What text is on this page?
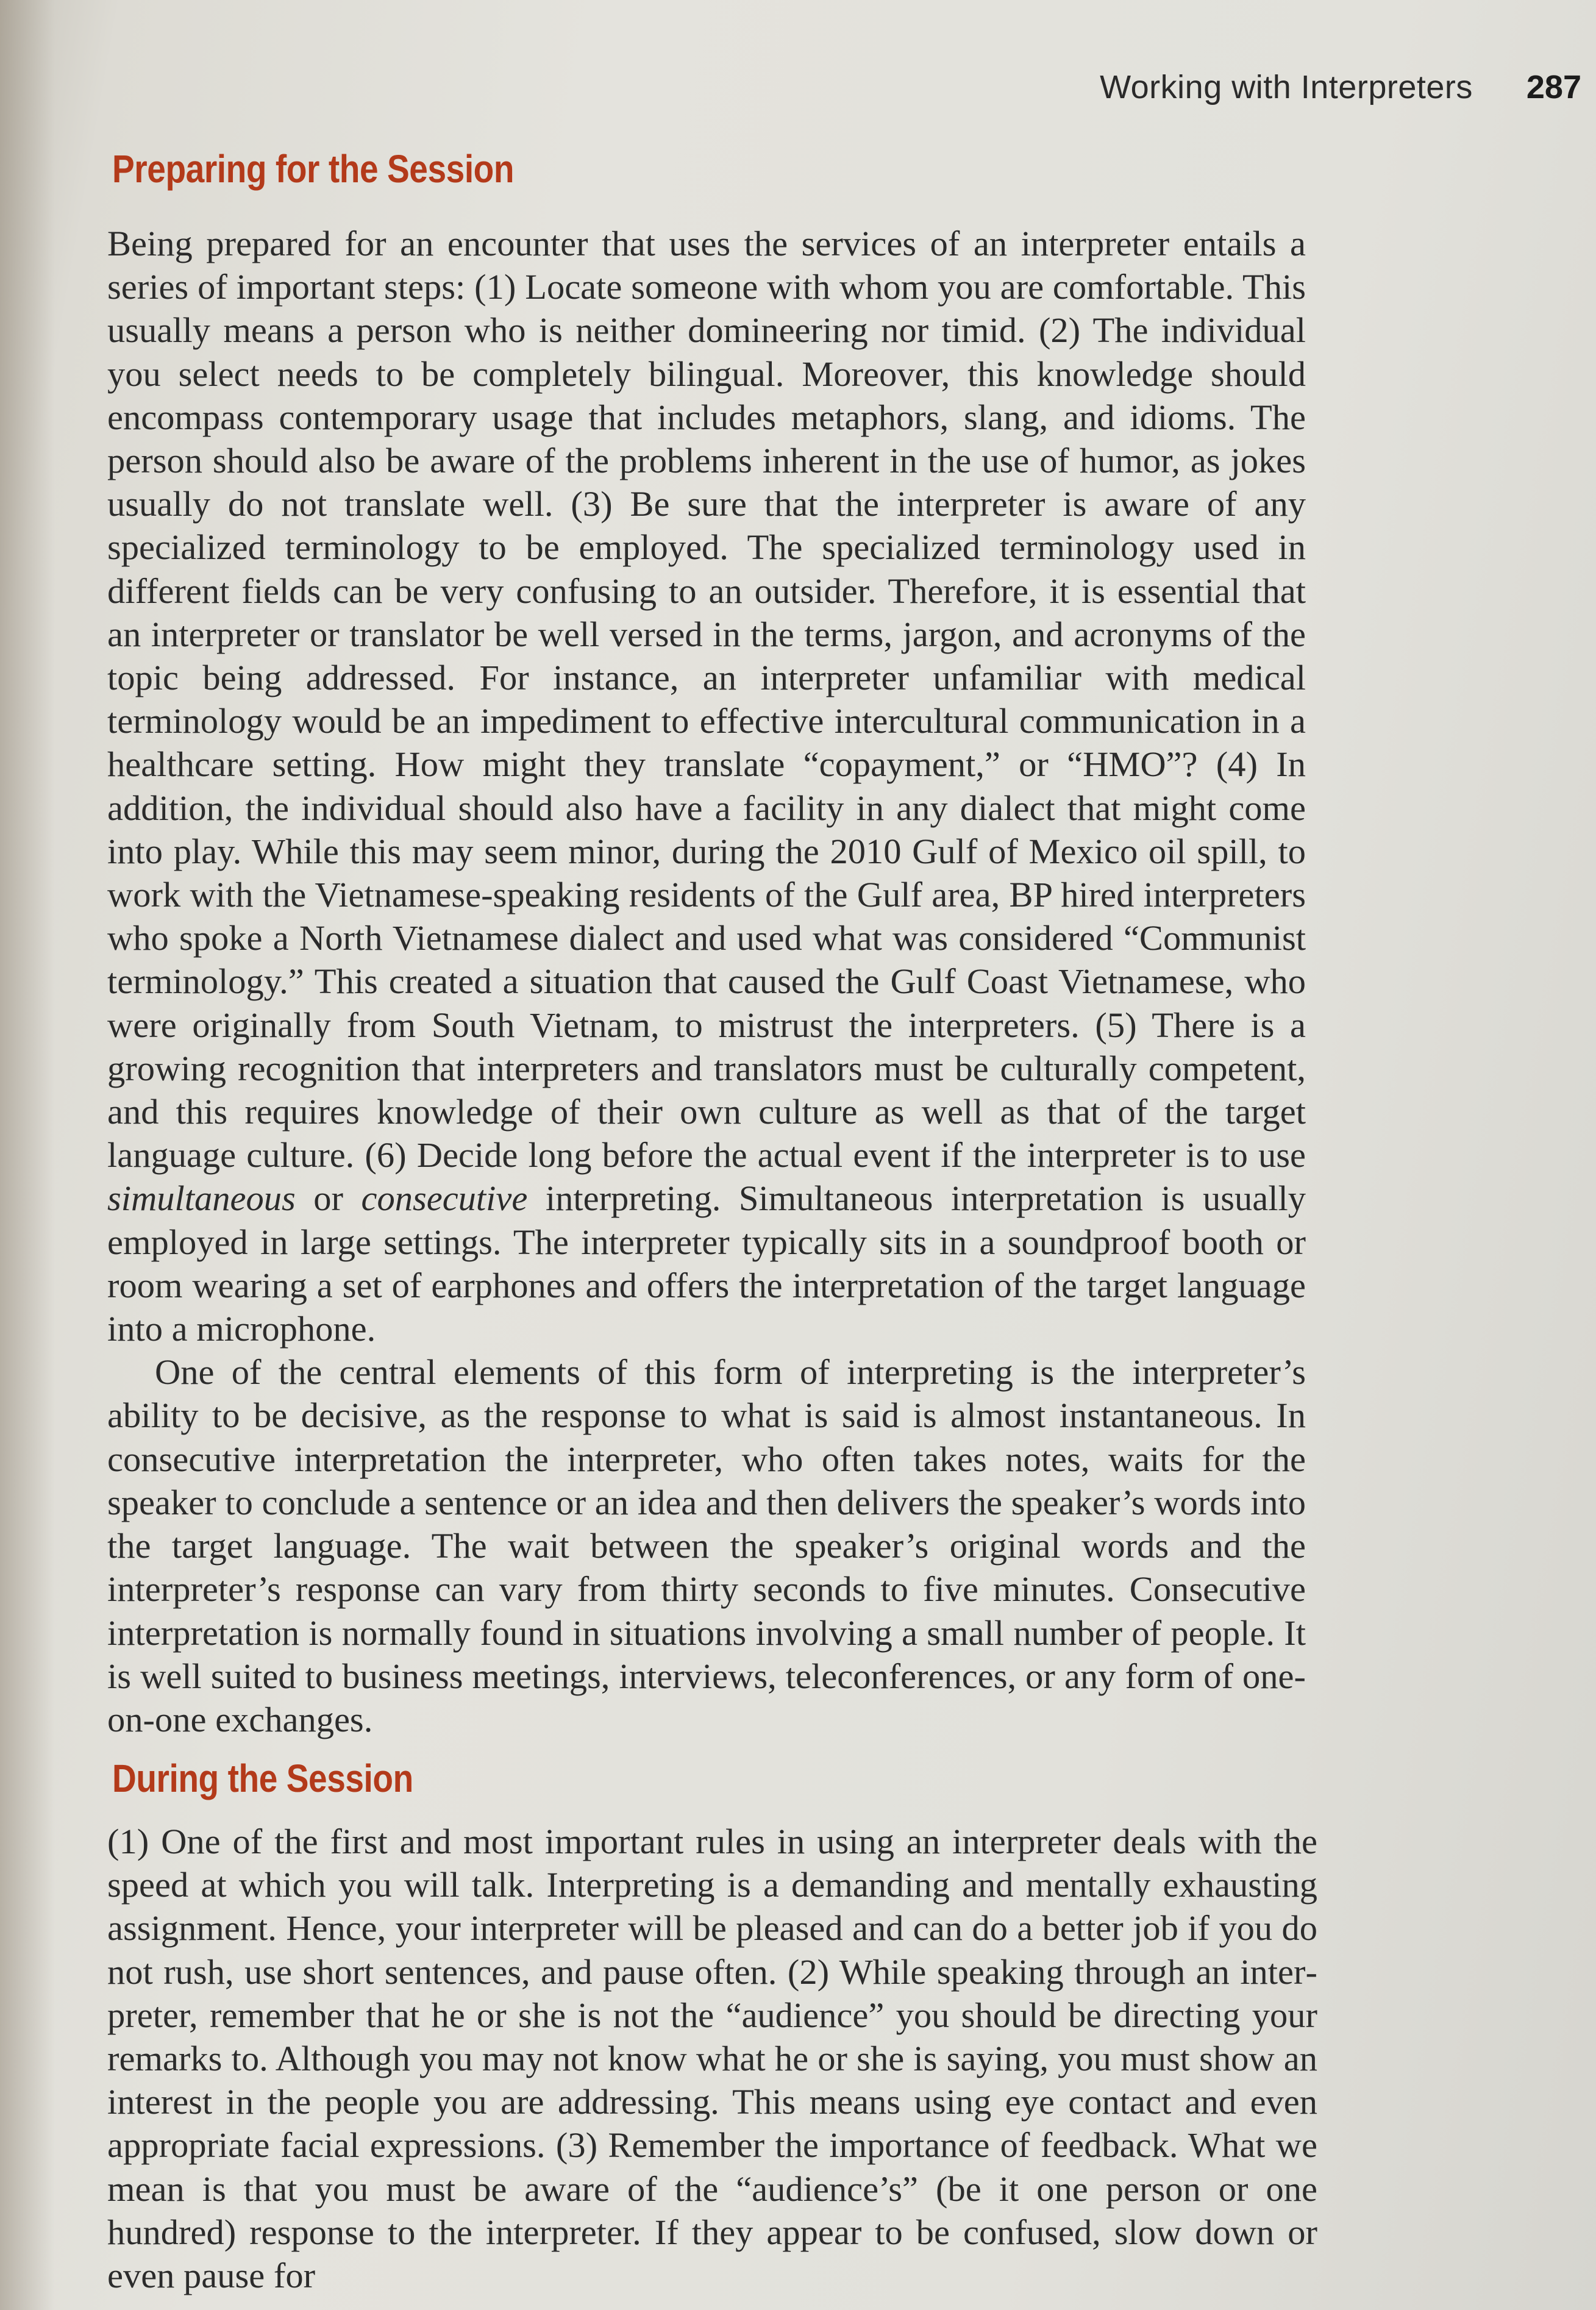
Working with Interpreters 287
Preparing for the Session

Being prepared for an encounter that uses the services of an interpreter entails a series of important steps: (1) Locate someone with whom you are comfortable. This usually means a person who is neither domineering nor timid. (2) The individual you select needs to be completely bilingual. Moreover, this knowledge should encompass contemporary usage that includes metaphors, slang, and idioms. The person should also be aware of the problems inherent in the use of humor, as jokes usually do not translate well. (3) Be sure that the interpreter is aware of any specialized terminology to be employed. The specialized terminology used in different fields can be very confusing to an outsider. Therefore, it is essential that an interpreter or translator be well versed in the terms, jargon, and acronyms of the topic being addressed. For instance, an interpreter unfamiliar with medical terminology would be an impediment to effective intercultural communication in a healthcare setting. How might they translate “copayment,” or “HMO”? (4) In addition, the individual should also have a facility in any dialect that might come into play. While this may seem minor, during the 2010 Gulf of Mexico oil spill, to work with the Vietnamese-speaking residents of the Gulf area, BP hired interpreters who spoke a North Vietnamese dialect and used what was considered “Communist terminology.” This created a situation that caused the Gulf Coast Vietnamese, who were originally from South Vietnam, to mistrust the interpreters. (5) There is a growing recognition that interpreters and translators must be culturally competent, and this requires knowledge of their own culture as well as that of the target language culture. (6) Decide long before the actual event if the interpreter is to use simultaneous or consecutive interpreting. Simultaneous interpretation is usually employed in large settings. The interpreter typically sits in a soundproof booth or room wearing a set of earphones and offers the interpretation of the target language into a microphone.

One of the central elements of this form of interpreting is the interpreter’s ability to be decisive, as the response to what is said is almost instantaneous. In consecutive interpretation the interpreter, who often takes notes, waits for the speaker to conclude a sentence or an idea and then delivers the speaker’s words into the target language. The wait between the speaker’s original words and the interpreter’s response can vary from thirty seconds to five minutes. Consecutive interpretation is normally found in situations involving a small number of people. It is well suited to business meetings, interviews, teleconferences, or any form of one-on-one exchanges.

During the Session

(1) One of the first and most important rules in using an interpreter deals with the speed at which you will talk. Interpreting is a demanding and mentally exhausting assignment. Hence, your interpreter will be pleased and can do a better job if you do not rush, use short sentences, and pause often. (2) While speaking through an interpreter, remember that he or she is not the “audience” you should be directing your remarks to. Although you may not know what he or she is saying, you must show an interest in the people you are addressing. This means using eye contact and even appropriate facial expressions. (3) Remember the importance of feedback. What we mean is that you must be aware of the “audience’s” (be it one person or one hundred) response to the interpreter. If they appear to be confused, slow down or even pause for
